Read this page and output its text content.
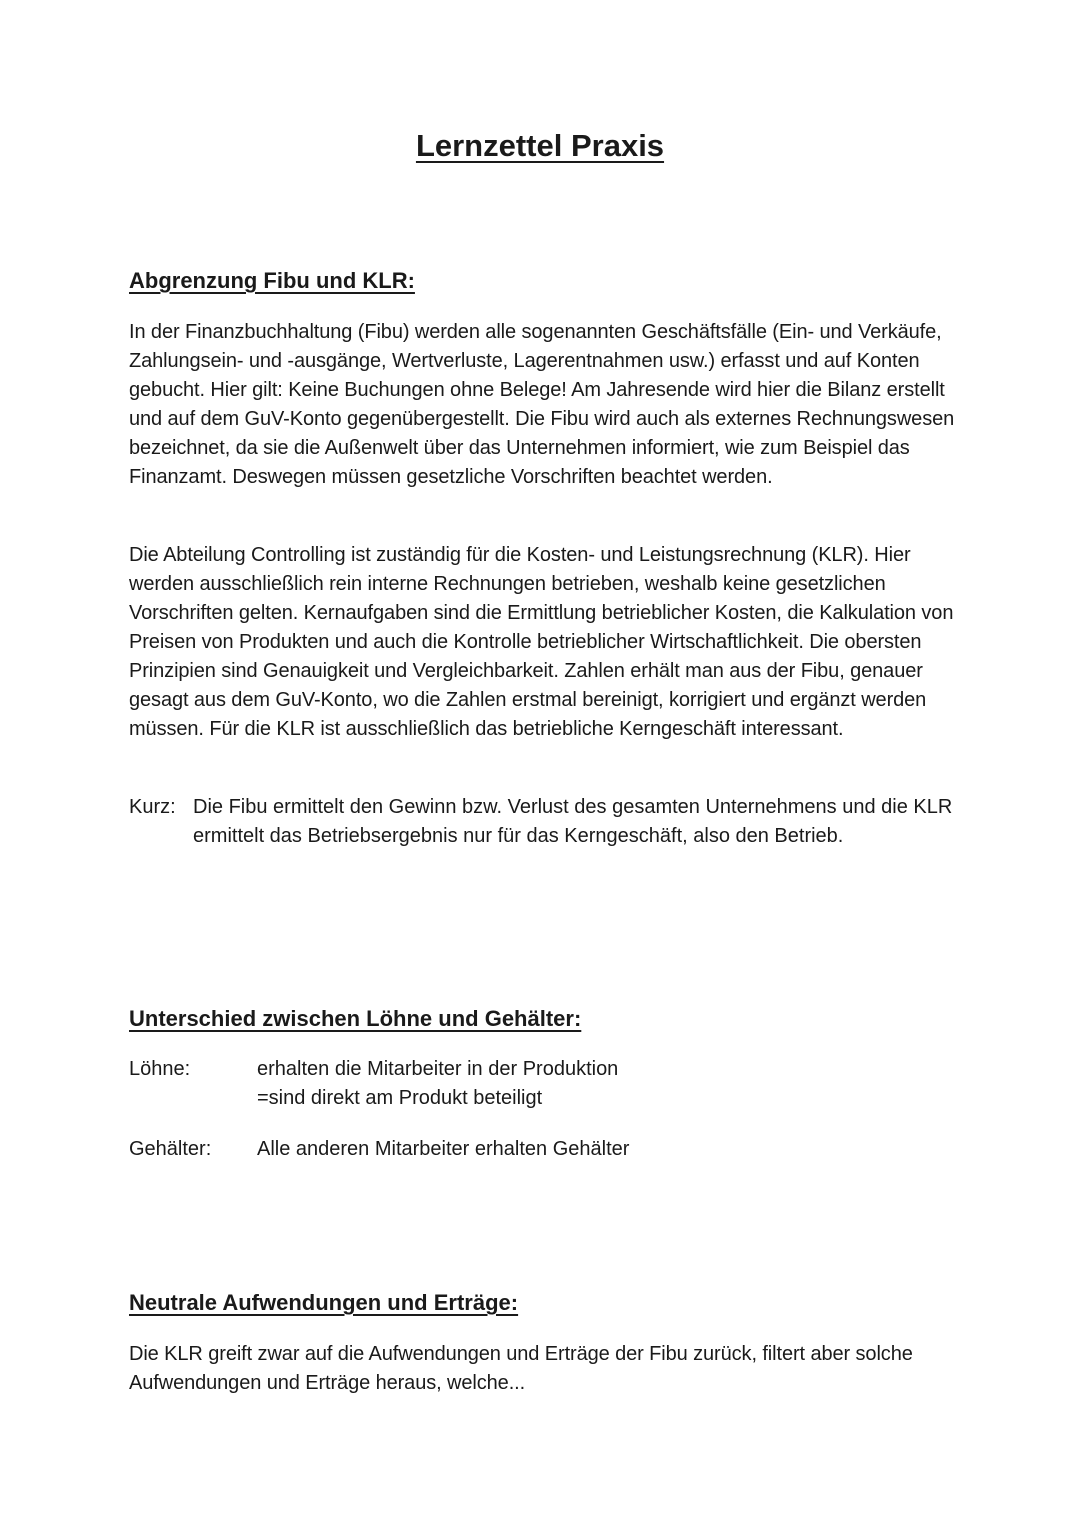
Lernzettel Praxis
Abgrenzung Fibu und KLR:
In der Finanzbuchhaltung (Fibu) werden alle sogenannten Geschäftsfälle (Ein- und Verkäufe, Zahlungsein- und -ausgänge, Wertverluste, Lagerentnahmen usw.) erfasst und auf Konten gebucht. Hier gilt: Keine Buchungen ohne Belege! Am Jahresende wird hier die Bilanz erstellt und auf dem GuV-Konto gegenübergestellt. Die Fibu wird auch als externes Rechnungswesen bezeichnet, da sie die Außenwelt über das Unternehmen informiert, wie zum Beispiel das Finanzamt. Deswegen müssen gesetzliche Vorschriften beachtet werden.
Die Abteilung Controlling ist zuständig für die Kosten- und Leistungsrechnung (KLR). Hier werden ausschließlich rein interne Rechnungen betrieben, weshalb keine gesetzlichen Vorschriften gelten. Kernaufgaben sind die Ermittlung betrieblicher Kosten, die Kalkulation von Preisen von Produkten und auch die Kontrolle betrieblicher Wirtschaftlichkeit. Die obersten Prinzipien sind Genauigkeit und Vergleichbarkeit. Zahlen erhält man aus der Fibu, genauer gesagt aus dem GuV-Konto, wo die Zahlen erstmal bereinigt, korrigiert und ergänzt werden müssen. Für die KLR ist ausschließlich das betriebliche Kerngeschäft interessant.
Kurz: Die Fibu ermittelt den Gewinn bzw. Verlust des gesamten Unternehmens und die KLR ermittelt das Betriebsergebnis nur für das Kerngeschäft, also den Betrieb.
Unterschied zwischen Löhne und Gehälter:
Löhne:	erhalten die Mitarbeiter in der Produktion
=sind direkt am Produkt beteiligt
Gehälter: Alle anderen Mitarbeiter erhalten Gehälter
Neutrale Aufwendungen und Erträge:
Die KLR greift zwar auf die Aufwendungen und Erträge der Fibu zurück, filtert aber solche Aufwendungen und Erträge heraus, welche...
